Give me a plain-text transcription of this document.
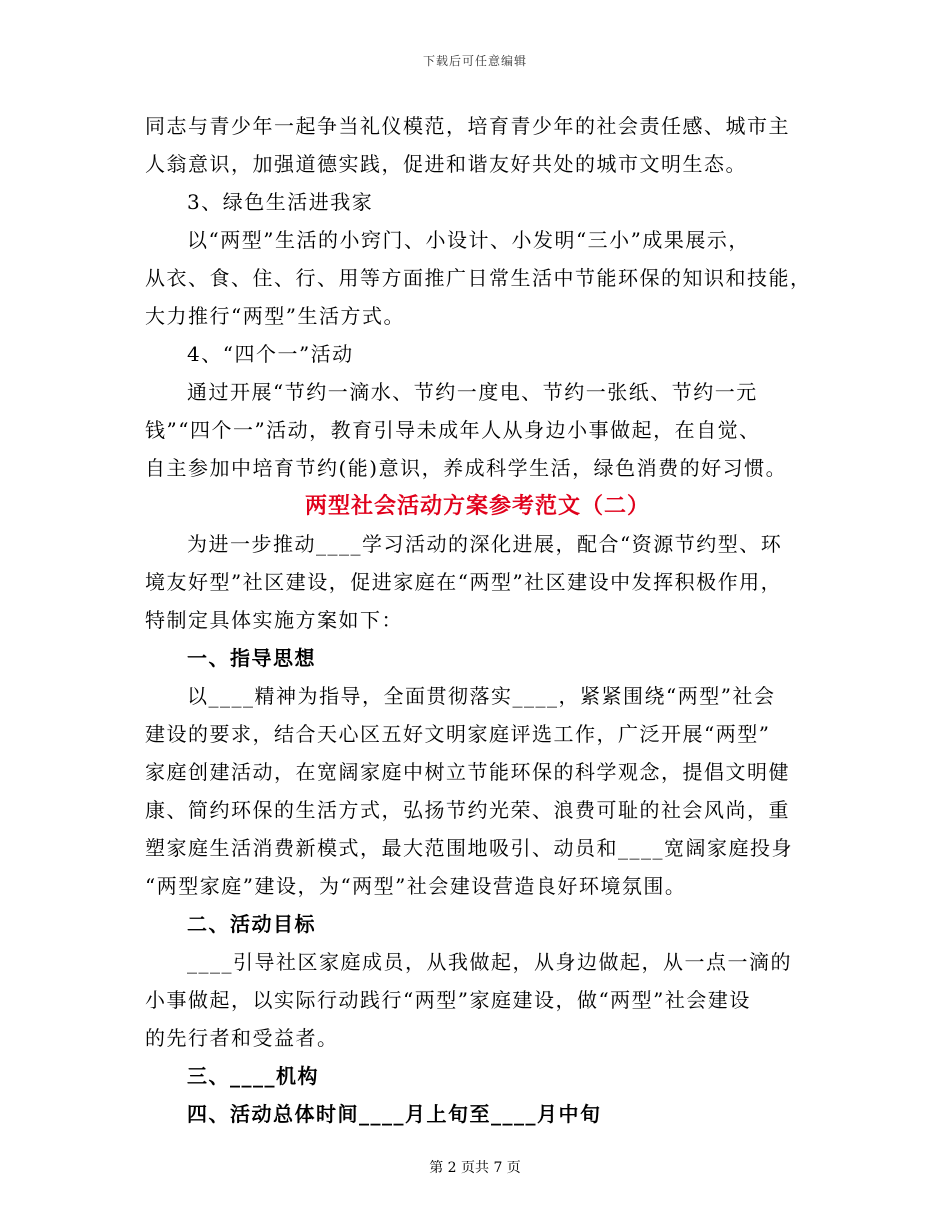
下载后可任意编辑
同志与青少年一起争当礼仪模范，培育青少年的社会责任感、城市主
人翁意识，加强道德实践，促进和谐友好共处的城市文明生态。
3、绿色生活进我家
以“两型”生活的小窍门、小设计、小发明“三小”成果展示，
从衣、食、住、行、用等方面推广日常生活中节能环保的知识和技能，
大力推行“两型”生活方式。
4、“四个一”活动
通过开展“节约一滴水、节约一度电、节约一张纸、节约一元
钱”“四个一”活动，教育引导未成年人从身边小事做起，在自觉、
自主参加中培育节约(能)意识，养成科学生活，绿色消费的好习惯。
两型社会活动方案参考范文（二）
为进一步推动____学习活动的深化进展，配合“资源节约型、环
境友好型”社区建设，促进家庭在“两型”社区建设中发挥积极作用，
特制定具体实施方案如下：
一、指导思想
以____精神为指导，全面贯彻落实____，紧紧围绕“两型”社会
建设的要求，结合天心区五好文明家庭评选工作，广泛开展“两型”
家庭创建活动，在宽阔家庭中树立节能环保的科学观念，提倡文明健
康、简约环保的生活方式，弘扬节约光荣、浪费可耻的社会风尚，重
塑家庭生活消费新模式，最大范围地吸引、动员和____宽阔家庭投身
“两型家庭”建设，为“两型”社会建设营造良好环境氛围。
二、活动目标
____引导社区家庭成员，从我做起，从身边做起，从一点一滴的
小事做起，以实际行动践行“两型”家庭建设，做“两型”社会建设
的先行者和受益者。
三、____机构
四、活动总体时间____月上旬至____月中旬
第 2 页共 7 页
